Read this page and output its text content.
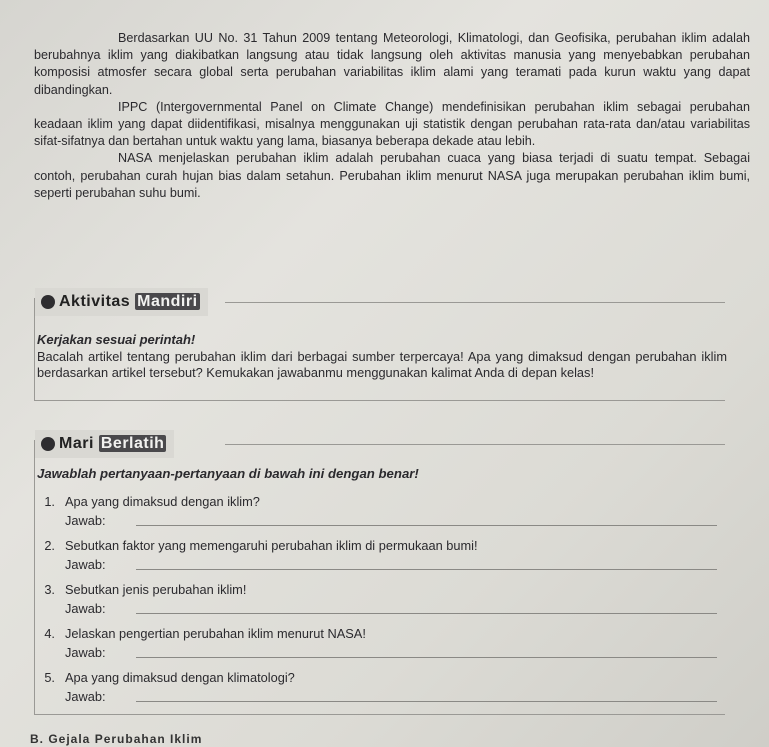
Berdasarkan UU No. 31 Tahun 2009 tentang Meteorologi, Klimatologi, dan Geofisika, perubahan iklim adalah berubahnya iklim yang diakibatkan langsung atau tidak langsung oleh aktivitas manusia yang menyebabkan perubahan komposisi atmosfer secara global serta perubahan variabilitas iklim alami yang teramati pada kurun waktu yang dapat dibandingkan.

IPPC (Intergovernmental Panel on Climate Change) mendefinisikan perubahan iklim sebagai perubahan keadaan iklim yang dapat diidentifikasi, misalnya menggunakan uji statistik dengan perubahan rata-rata dan/atau variabilitas sifat-sifatnya dan bertahan untuk waktu yang lama, biasanya beberapa dekade atau lebih.

NASA menjelaskan perubahan iklim adalah perubahan cuaca yang biasa terjadi di suatu tempat. Sebagai contoh, perubahan curah hujan bias dalam setahun. Perubahan iklim menurut NASA juga merupakan perubahan iklim bumi, seperti perubahan suhu bumi.

Aktivitas Mandiri
Kerjakan sesuai perintah!

Bacalah artikel tentang perubahan iklim dari berbagai sumber terpercaya! Apa yang dimaksud dengan perubahan iklim berdasarkan artikel tersebut? Kemukakan jawabanmu menggunakan kalimat Anda di depan kelas!

Mari Berlatih
Jawablah pertanyaan-pertanyaan di bawah ini dengan benar!
1. Apa yang dimaksud dengan iklim?
Jawab:
2. Sebutkan faktor yang memengaruhi perubahan iklim di permukaan bumi!
Jawab:
3. Sebutkan jenis perubahan iklim!
Jawab:
4. Jelaskan pengertian perubahan iklim menurut NASA!
Jawab:
5. Apa yang dimaksud dengan klimatologi?
Jawab:
B. Gejala Perubahan Iklim
